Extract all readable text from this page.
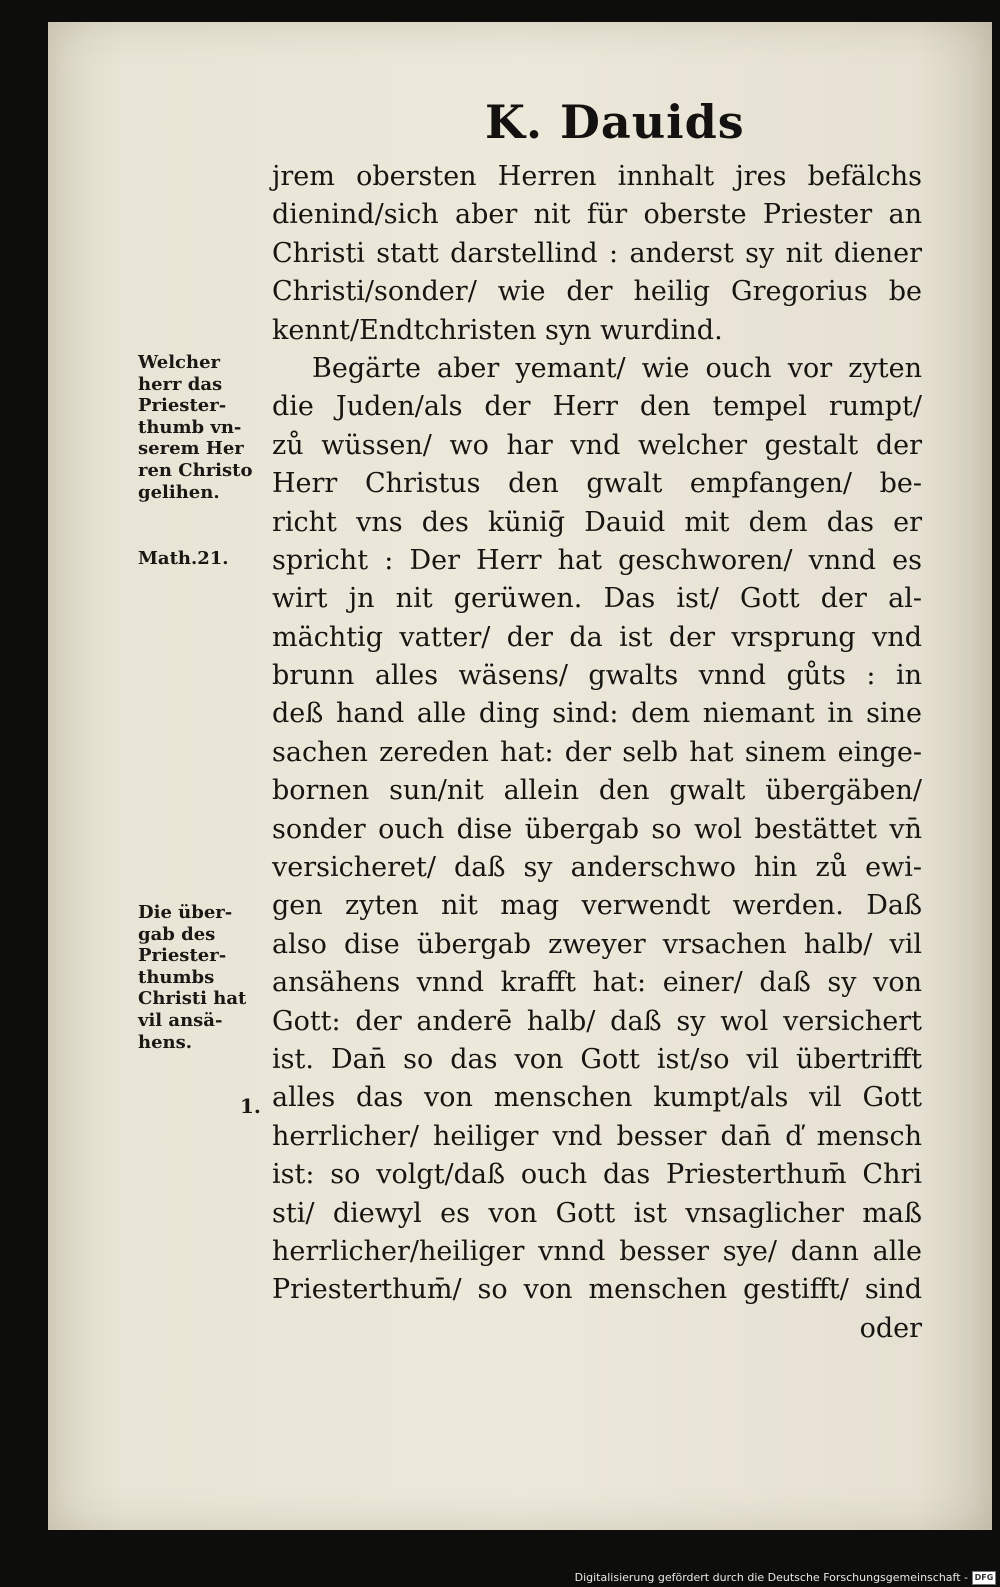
K. Dauids
jrem obersten Herren innhalt jres befälchs
dienind/sich aber nit für oberste Priester an
Christi statt darstellind : anderst sy nit diener
Christi/sonder/ wie der heilig Gregorius be
kennt/Endtchristen syn wurdind.
Begärte aber yemant/ wie ouch vor zyten
die Juden/als der Herr den tempel rumpt/
zů wüssen/ wo har vnd welcher gestalt der
Herr Christus den gwalt empfangen/ be-
richt vns des küniḡ Dauid mit dem das er
spricht : Der Herr hat geschworen/ vnnd es
wirt jn nit gerüwen. Das ist/ Gott der al-
mächtig vatter/ der da ist der vrsprung vnd
brunn alles wäsens/ gwalts vnnd gůts : in
deß hand alle ding sind: dem niemant in sine
sachen zereden hat: der selb hat sinem einge-
bornen sun/nit allein den gwalt übergäben/
sonder ouch dise übergab so wol bestättet vn̄
versicheret/ daß sy anderschwo hin zů ewi-
gen zyten nit mag verwendt werden. Daß
also dise übergab zweyer vrsachen halb/ vil
ansähens vnnd krafft hat: einer/ daß sy von
Gott: der anderē halb/ daß sy wol versichert
ist. Dan̄ so das von Gott ist/so vil übertrifft
alles das von menschen kumpt/als vil Gott
herrlicher/ heiliger vnd besser dan̄ ď mensch
ist: so volgt/daß ouch das Priesterthum̄ Chri
sti/ diewyl es von Gott ist vnsaglicher maß
herrlicher/heiliger vnnd besser sye/ dann alle
Priesterthum̄/ so von menschen gestifft/ sind
oder
Welcher
herr das
Priester-
thumb vn-
serem Her
ren Christo
gelihen.
Math.21.
Die über-
gab des
Priester-
thumbs
Christi hat
vil ansä-
hens.
1.
Digitalisierung gefördert durch die Deutsche Forschungsgemeinschaft - DFG
